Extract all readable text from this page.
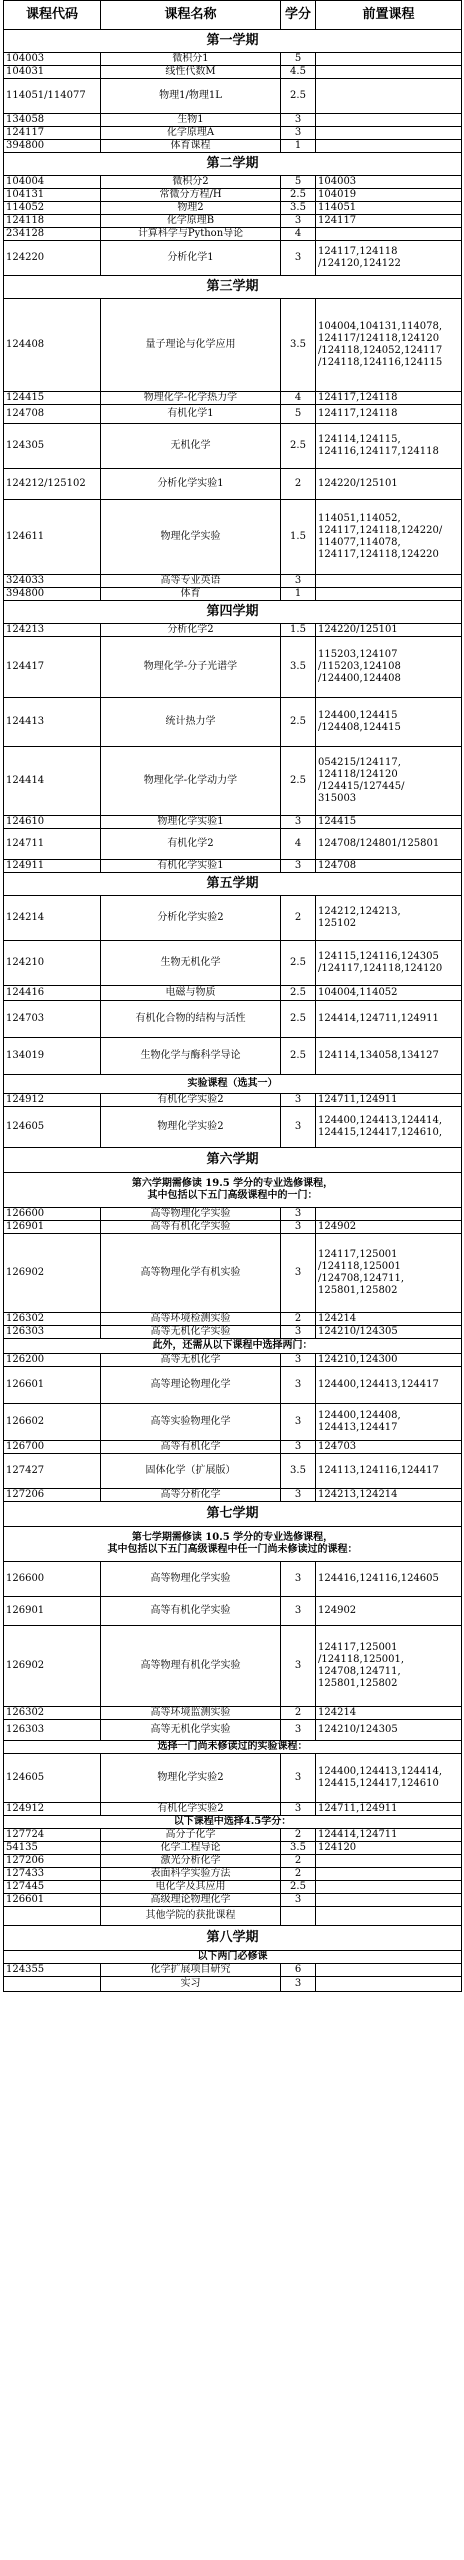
课程代码	课程名称	学分	前置课程
第一学期			
104003	微积分1	5	
104031	线性代数M	4.5	
114051/114077	物理1/物理1L	2.5	
134058	生物1	3	
124117	化学原理A	3	
394800	体育课程	1	
第二学期			
104004	微积分2	5	104003
104131	常微分方程/H	2.5	104019
114052	物理2	3.5	114051
124118	化学原理B	3	124117
234128	计算科学与Python导论	4	
124220	分析化学1	3	124117,124118
/124120,124122
第三学期			
124408	量子理论与化学应用	3.5	104004,104131,114078,
124117/124118,124120
/124118,124052,124117
/124118,124116,124115
124415	物理化学-化学热力学	4	124117,124118
124708	有机化学1	5	124117,124118
124305	无机化学	2.5	124114,124115,
124116,124117,124118
124212/125102	分析化学实验1	2	124220/125101
124611	物理化学实验	1.5	114051,114052,
124117,124118,124220/
114077,114078,
124117,124118,124220
324033	高等专业英语	3	
394800	体育	1	
第四学期			
124213	分析化学2	1.5	124220/125101
124417	物理化学-分子光谱学	3.5	115203,124107
/115203,124108
/124400,124408
124413	统计热力学	2.5	124400,124415
/124408,124415
124414	物理化学-化学动力学	2.5	054215/124117,
124118/124120
/124415/127445/
315003
124610	物理化学实验1	3	124415
124711	有机化学2	4	124708/124801/125801
124911	有机化学实验1	3	124708
第五学期			
124214	分析化学实验2	2	124212,124213,
125102
124210	生物无机化学	2.5	124115,124116,124305
/124117,124118,124120
124416	电磁与物质	2.5	104004,114052
124703	有机化合物的结构与活性	2.5	124414,124711,124911
134019	生物化学与酶科学导论	2.5	124114,134058,134127
实验课程（选其一）			
124912	有机化学实验2	3	124711,124911
124605	物理化学实验2	3	124400,124413,124414,
124415,124417,124610,
第六学期			
第六学期需修读 19.5 学分的专业选修课程，
其中包括以下五门高级课程中的一门：			
126600	高等物理化学实验	3	
126901	高等有机化学实验	3	124902
126902	高等物理化学有机实验	3	124117,125001
/124118,125001
/124708,124711,
125801,125802
126302	高等环境检测实验	2	124214
126303	高等无机化学实验	3	124210/124305
此外，还需从以下课程中选择两门：			
126200	高等无机化学	3	124210,124300
126601	高等理论物理化学	3	124400,124413,124417
126602	高等实验物理化学	3	124400,124408,
124413,124417
126700	高等有机化学	3	124703
127427	固体化学（扩展版）	3.5	124113,124116,124417
127206	高等分析化学	3	124213,124214
第七学期			
第七学期需修读 10.5 学分的专业选修课程，
其中包括以下五门高级课程中任一门尚未修读过的课程：			
126600	高等物理化学实验	3	124416,124116,124605
126901	高等有机化学实验	3	124902
126902	高等物理有机化学实验	3	124117,125001
/124118,125001,
124708,124711,
125801,125802
126302	高等环境监测实验	2	124214
126303	高等无机化学实验	3	124210/124305
选择一门尚未修读过的实验课程：			
124605	物理化学实验2	3	124400,124413,124414,
124415,124417,124610
124912	有机化学实验2	3	124711,124911
以下课程中选择4.5学分：			
127724	高分子化学	2	124414,124711
54135	化学工程导论	3.5	124120
127206	激光分析化学	2	
127433	表面科学实验方法	2	
127445	电化学及其应用	2.5	
126601	高级理论物理化学	3	
	其他学院的获批课程		
第八学期			
以下两门必修课			
124355	化学扩展项目研究	6	
	实习	3	
